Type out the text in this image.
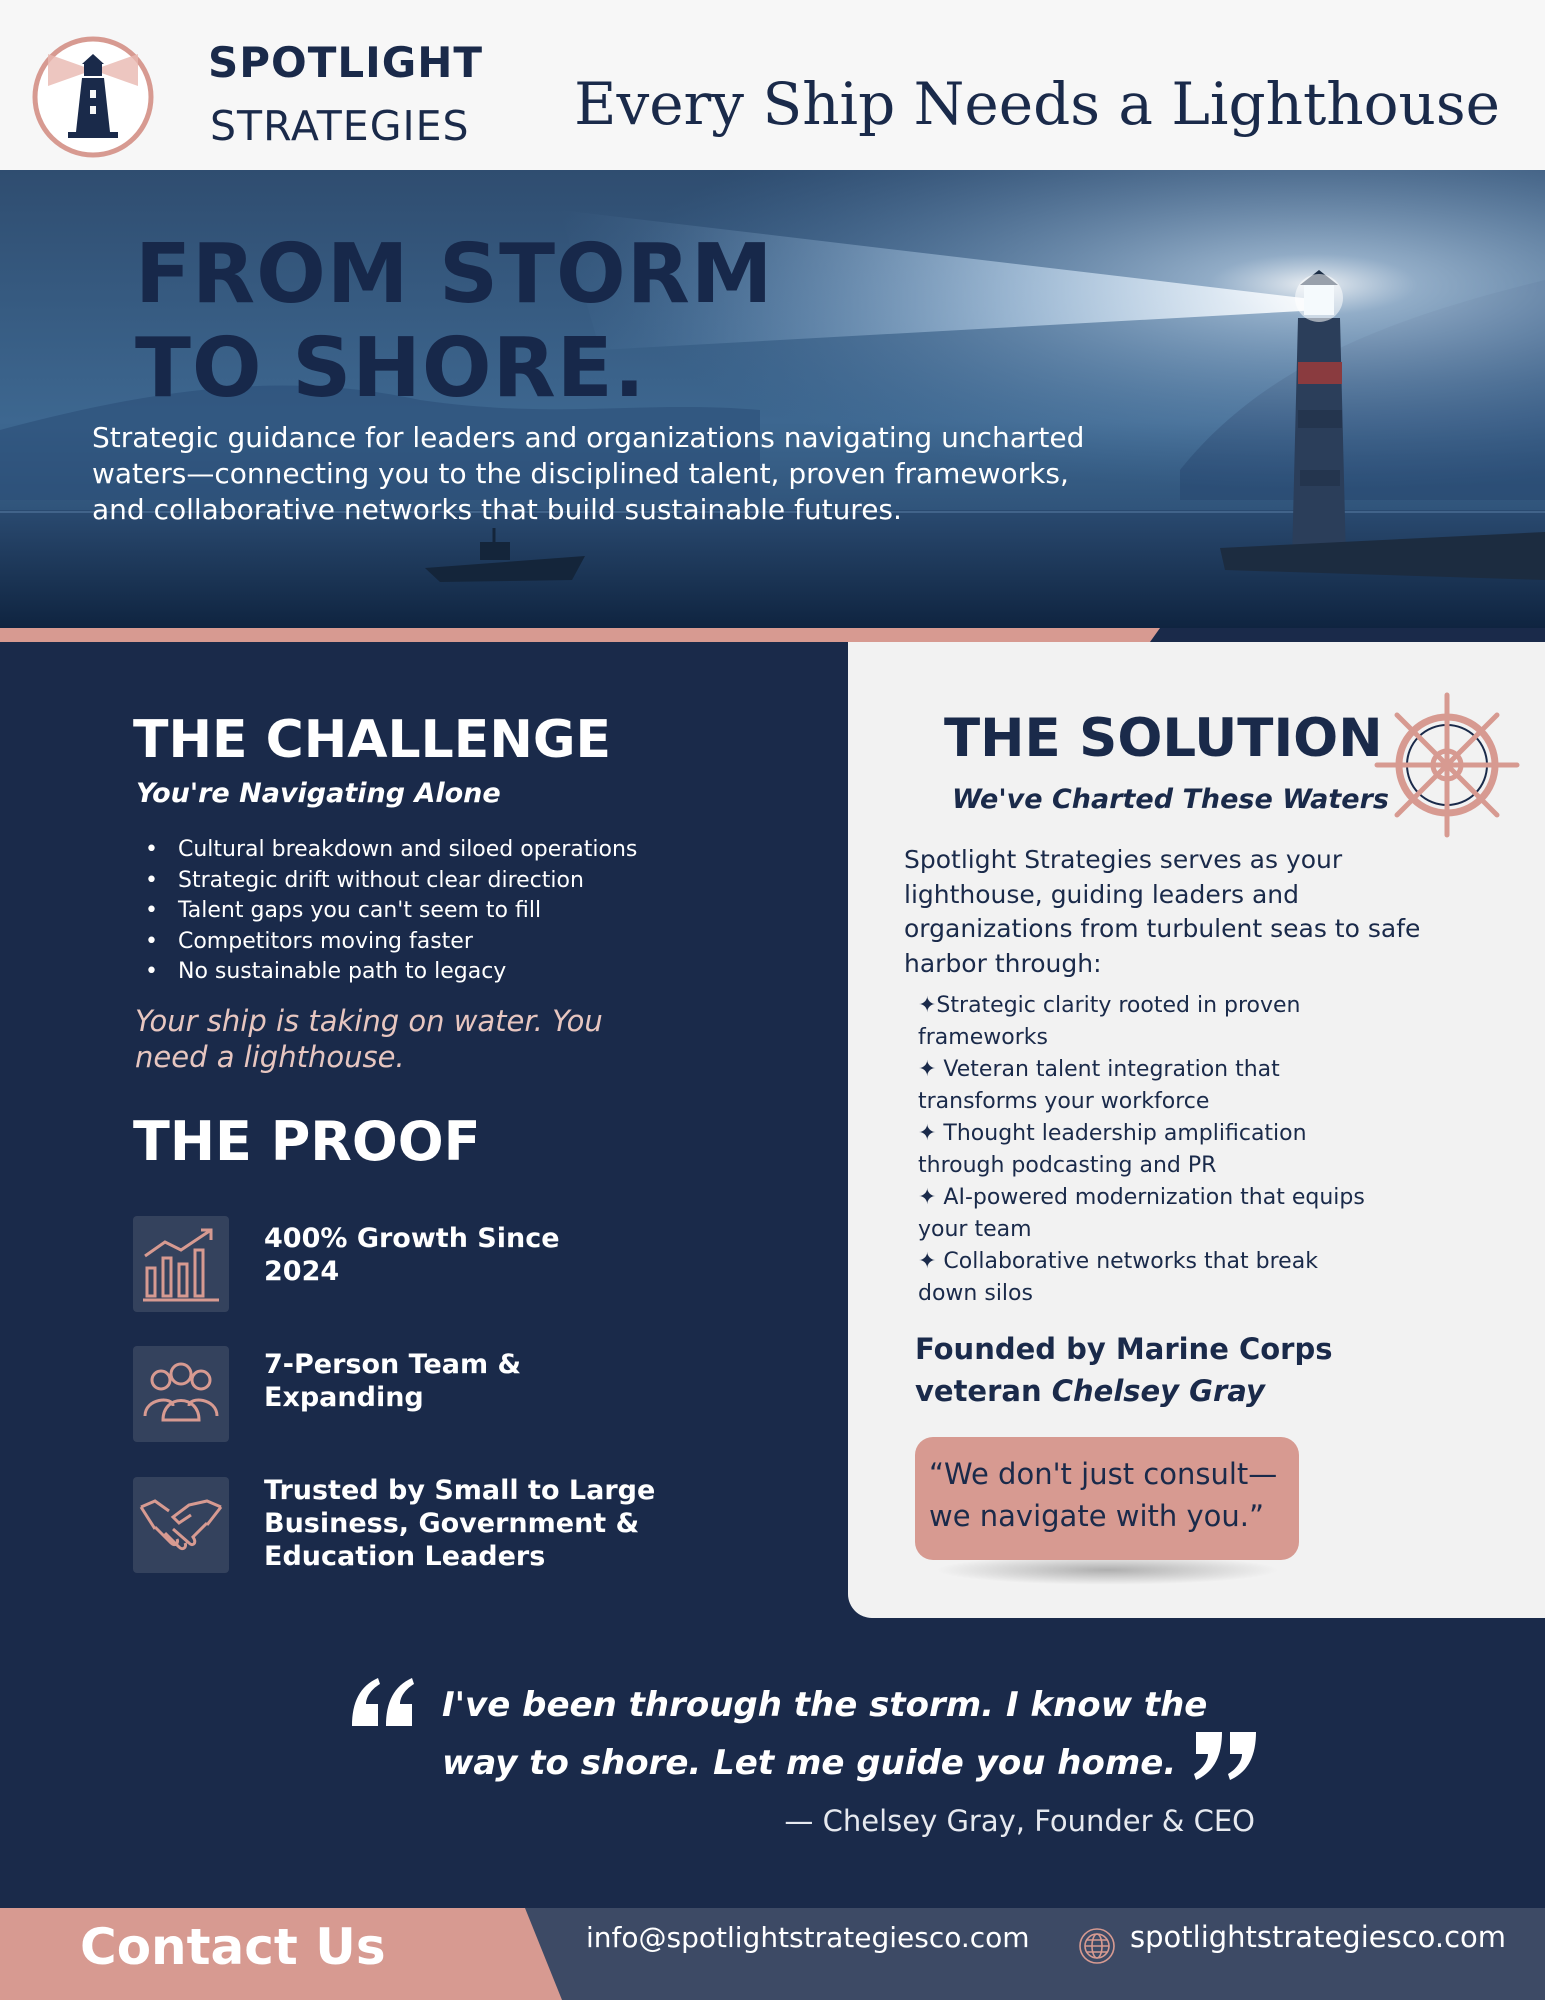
SPOTLIGHT
STRATEGIES Every Ship Needs a Lighthouse
FROM STORM
TO SHORE.
Strategic guidance for leaders and organizations navigating uncharted
waters—connecting you to the disciplined talent, proven frameworks,
and collaborative networks that build sustainable futures.
THE CHALLENGE
You're Navigating Alone
• Cultural breakdown and siloed operations
• Strategic drift without clear direction
• Talent gaps you can't seem to fill
• Competitors moving faster
• No sustainable path to legacy
Your ship is taking on water. You
need a lighthouse.
THE PROOF
400% Growth Since
2024
7-Person Team &
Expanding
Trusted by Small to Large
Business, Government &
Education Leaders
THE SOLUTION
We've Charted These Waters
Spotlight Strategies serves as your
lighthouse, guiding leaders and
organizations from turbulent seas to safe
harbor through:
✦Strategic clarity rooted in proven
frameworks
✦ Veteran talent integration that
transforms your workforce
✦ Thought leadership amplification
through podcasting and PR
✦ AI-powered modernization that equips
your team
✦ Collaborative networks that break
down silos
Founded by Marine Corps
veteran Chelsey Gray
“We don't just consult—
we navigate with you.”
I've been through the storm. I know the
way to shore. Let me guide you home.
— Chelsey Gray, Founder & CEO
Contact Us	info@spotlightstrategiesco.com	spotlightstrategiesco.com
